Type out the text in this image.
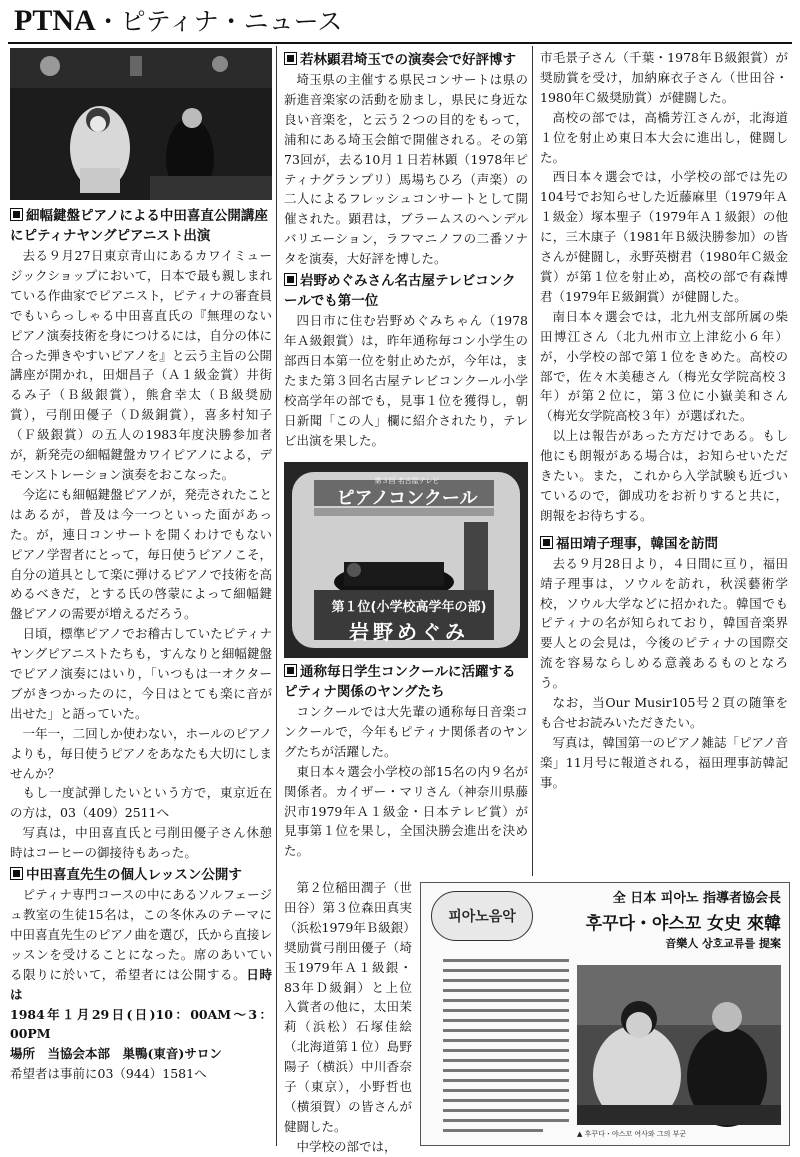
PTNA・ピティナ・ニュース
細幅鍵盤ピアノによる中田喜直公開講座にピティナヤングピアニスト出演

去る９月27日東京青山にあるカワイミュージックショップにおいて，日本で最も親しまれている作曲家でピアニスト，ピティナの審査員でもいらっしゃる中田喜直氏の『無理のないピアノ演奏技術を身につけるには，自分の体に合った弾きやすいピアノを』と云う主旨の公開講座が開かれ，田畑昌子（Ａ１級金賞）井街るみ子（Ｂ級銀賞），熊倉幸太（Ｂ級奨励賞），弓削田優子（Ｄ級銅賞），喜多村知子（Ｆ級銀賞）の五人の1983年度決勝参加者が，新発売の細幅鍵盤カワイピアノによる，デモンストレーション演奏をおこなった。

今迄にも細幅鍵盤ピアノが，発売されたことはあるが，普及は今一つといった面があった。が，連日コンサートを開くわけでもないピアノ学習者にとって，毎日使うピアノこそ，自分の道具として楽に弾けるピアノで技術を高めるべきだ，とする氏の啓蒙によって細幅鍵盤ピアノの需要が増えるだろう。

日頃，標準ピアノでお稽古していたピティナヤングピアニストたちも，すんなりと細幅鍵盤でピアノ演奏にはいり，「いつもは一オクターブがきつかったのに，今日はとても楽に音が出せた」と語っていた。

一年一，二回しか使わない，ホールのピアノよりも，毎日使うピアノをあなたも大切にしませんか？

もし一度試弾したいという方で，東京近在の方は，03（409）2511へ

写真は，中田喜直氏と弓削田優子さん休憩時はコーヒーの御接待もあった。

中田喜直先生の個人レッスン公開す

ピティナ専門コースの中にあるソルフェージュ教室の生徒15名は，この冬休みのテーマに中田喜直先生のピアノ曲を選び，氏から直接レッスンを受けることになった。席のあいている限りに於いて，希望者には公開する。日時は

1984年１月29日(日)10：00AM～3：00PM

場所　当協会本部　巣鴨(東音)サロン

希望者は事前に03（944）1581へ

若林顕君埼玉での演奏会で好評博す

埼玉県の主催する県民コンサートは県の新進音楽家の活動を励まし，県民に身近な良い音楽を，と云う２つの目的をもって，浦和にある埼玉会館で開催される。その第73回が，去る10月１日若林顕（1978年ピティナグランプリ）馬場ちひろ（声楽）の二人によるフレッシュコンサートとして開催された。顕君は，ブラームスのヘンデルバリエーション，ラフマニノフの二番ソナタを演奏，大好評を博した。

岩野めぐみさん名古屋テレビコンクールでも第一位

四日市に住む岩野めぐみちゃん（1978年Ａ級銀賞）は，昨年通称毎コン小学生の部西日本第一位を射止めたが，今年は，またまた第３回名古屋テレビコンクール小学校高学年の部でも，見事１位を獲得し，朝日新聞「この人」欄に紹介されたり，テレビ出演を果した。

第３回 名古屋テレビ
ピアノコンクール
第１位(小学校高学年の部)
岩野めぐみ
通称毎日学生コンクールに活躍するピティナ関係のヤングたち

コンクールでは大先輩の通称毎日音楽コンクールで，今年もピティナ関係者のヤングたちが活躍した。

東日本々選会小学校の部15名の内９名が関係者。カイザー・マリさん（神奈川県藤沢市1979年Ａ１級金・日本テレビ賞）が見事第１位を果し，全国決勝会進出を決めた。

第２位稲田潤子（世田谷）第３位森田真実（浜松1979年Ｂ級銀）

奨励賞弓削田優子（埼玉1979年Ａ１級銀・83年Ｄ級銅）と上位入賞者の他に，太田茉莉（浜松）石塚佳絵（北海道第１位）島野陽子（横浜）中川香奈子（東京），小野哲也（横須賀）の皆さんが健闘した。

中学校の部では，

市毛景子さん（千葉・1978年Ｂ級銀賞）が奨励賞を受け，加納麻衣子さん（世田谷・1980年Ｃ級奨励賞）が健闘した。

高校の部では，高橋芳江さんが，北海道１位を射止め東日本大会に進出し，健闘した。

西日本々選会では，小学校の部では先の104号でお知らせした近藤麻里（1979年Ａ１級金）塚本聖子（1979年Ａ１級銀）の他に，三木康子（1981年Ｂ級決勝参加）の皆さんが健闘し，永野英樹君（1980年Ｃ級金賞）が第１位を射止め，高校の部で有森博君（1979年Ｅ級銅賞）が健闘した。

南日本々選会では，北九州支部所属の柴田博江さん（北九州市立上津紇小６年）が，小学校の部で第１位をきめた。高校の部で，佐々木美穂さん（梅光女学院高校３年）が第２位に，第３位に小嶽美和さん（梅光女学院高校３年）が選ばれた。

以上は報告があった方だけである。もし他にも朗報がある場合は，お知らせいただきたい。また，これから入学試験も近づいているので，御成功をお祈りすると共に，朗報をお待ちする。

福田靖子理事，韓国を訪問

去る９月28日より，４日間に亘り，福田靖子理事は，ソウルを訪れ，秋渓藝術学校，ソウル大学などに招かれた。韓国でもピティナの名が知られており，韓国音楽界要人との会見は，今後のピティナの国際交流を容易ならしめる意義あるものとなろう。

なお，当Our Musir105号２頁の随筆をも合せお読みいただきたい。

写真は，韓国第一のピアノ雑誌「ピアノ音楽」11月号に報道される，福田理事訪韓記事。

피아노음악
全 日本 피아노 指導者協会長
후꾸다・야스꼬 女史 來韓
音樂人 상호교류를 提案
▲ 후꾸다・야스꼬 여사와 그의 부군
